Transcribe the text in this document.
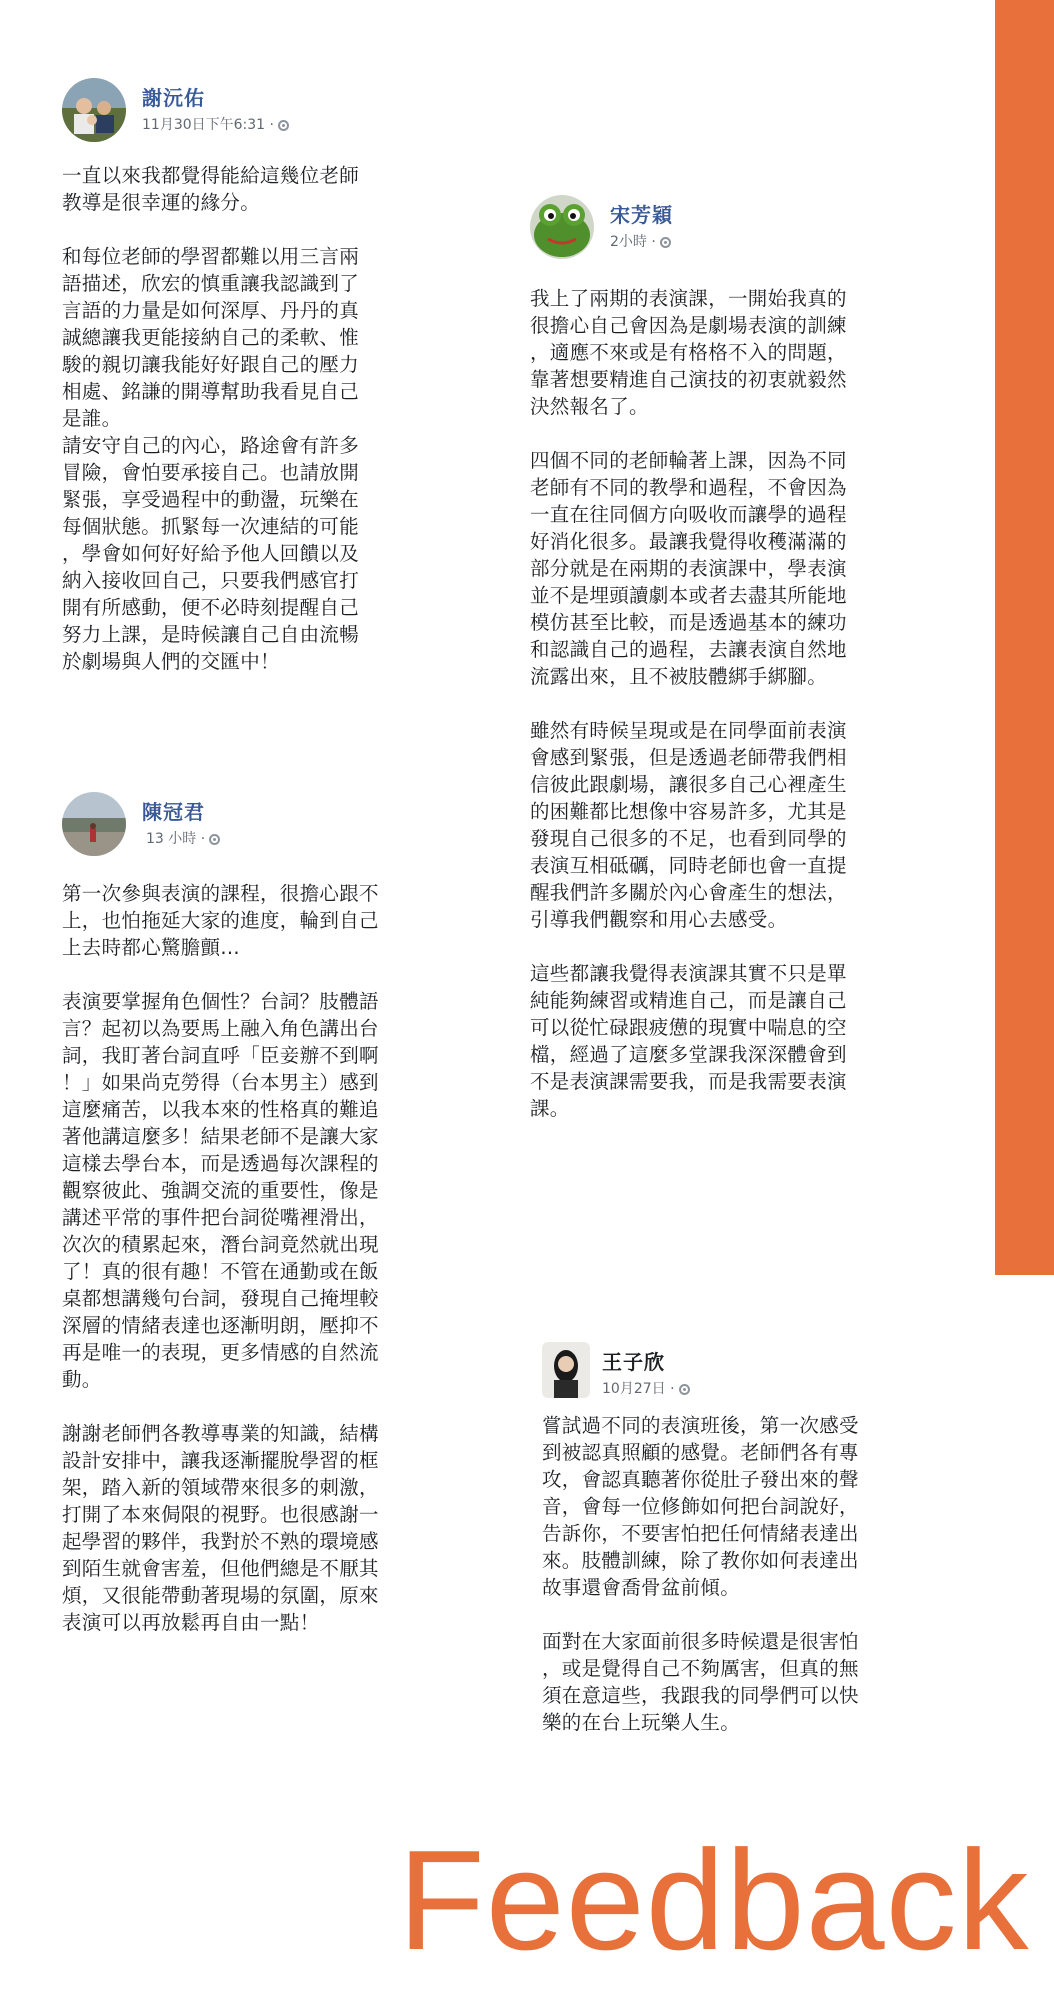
謝沅佑
11月30日下午6:31 ·

一直以來我都覺得能給這幾位老師
教導是很幸運的緣分。

和每位老師的學習都難以用三言兩
語描述，欣宏的慎重讓我認識到了
言語的力量是如何深厚、丹丹的真
誠總讓我更能接納自己的柔軟、惟
駿的親切讓我能好好跟自己的壓力
相處、銘謙的開導幫助我看見自己
是誰。
請安守自己的內心，路途會有許多
冒險，會怕要承接自己。也請放開
緊張，享受過程中的動盪，玩樂在
每個狀態。抓緊每一次連結的可能
，學會如何好好給予他人回饋以及
納入接收回自己，只要我們感官打
開有所感動，便不必時刻提醒自己
努力上課，是時候讓自己自由流暢
於劇場與人們的交匯中！

宋芳穎
2小時 ·

我上了兩期的表演課，一開始我真的
很擔心自己會因為是劇場表演的訓練
，適應不來或是有格格不入的問題，
靠著想要精進自己演技的初衷就毅然
決然報名了。

四個不同的老師輪著上課，因為不同
老師有不同的教學和過程，不會因為
一直在往同個方向吸收而讓學的過程
好消化很多。最讓我覺得收穫滿滿的
部分就是在兩期的表演課中，學表演
並不是埋頭讀劇本或者去盡其所能地
模仿甚至比較，而是透過基本的練功
和認識自己的過程，去讓表演自然地
流露出來，且不被肢體綁手綁腳。

雖然有時候呈現或是在同學面前表演
會感到緊張，但是透過老師帶我們相
信彼此跟劇場，讓很多自己心裡產生
的困難都比想像中容易許多，尤其是
發現自己很多的不足，也看到同學的
表演互相砥礪，同時老師也會一直提
醒我們許多關於內心會產生的想法，
引導我們觀察和用心去感受。

這些都讓我覺得表演課其實不只是單
純能夠練習或精進自己，而是讓自己
可以從忙碌跟疲憊的現實中喘息的空
檔，經過了這麼多堂課我深深體會到
不是表演課需要我，而是我需要表演
課。

陳冠君
13 小時 ·

第一次參與表演的課程，很擔心跟不
上，也怕拖延大家的進度，輪到自己
上去時都心驚膽顫...

表演要掌握角色個性？台詞？肢體語
言？起初以為要馬上融入角色講出台
詞，我盯著台詞直呼「臣妾辦不到啊
！」如果尚克勞得（台本男主）感到
這麼痛苦，以我本來的性格真的難追
著他講這麼多！結果老師不是讓大家
這樣去學台本，而是透過每次課程的
觀察彼此、強調交流的重要性，像是
講述平常的事件把台詞從嘴裡滑出，
次次的積累起來，潛台詞竟然就出現
了！真的很有趣！不管在通勤或在飯
桌都想講幾句台詞，發現自己掩埋較
深層的情緒表達也逐漸明朗，壓抑不
再是唯一的表現，更多情感的自然流
動。

謝謝老師們各教導專業的知識，結構
設計安排中，讓我逐漸擺脫學習的框
架，踏入新的領域帶來很多的刺激，
打開了本來侷限的視野。也很感謝一
起學習的夥伴，我對於不熟的環境感
到陌生就會害羞，但他們總是不厭其
煩，又很能帶動著現場的氛圍，原來
表演可以再放鬆再自由一點！

王子欣
10月27日 ·

嘗試過不同的表演班後，第一次感受
到被認真照顧的感覺。老師們各有專
攻，會認真聽著你從肚子發出來的聲
音，會每一位修飾如何把台詞說好，
告訴你，不要害怕把任何情緒表達出
來。肢體訓練，除了教你如何表達出
故事還會喬骨盆前傾。

面對在大家面前很多時候還是很害怕
，或是覺得自己不夠厲害，但真的無
須在意這些，我跟我的同學們可以快
樂的在台上玩樂人生。

Feedback
